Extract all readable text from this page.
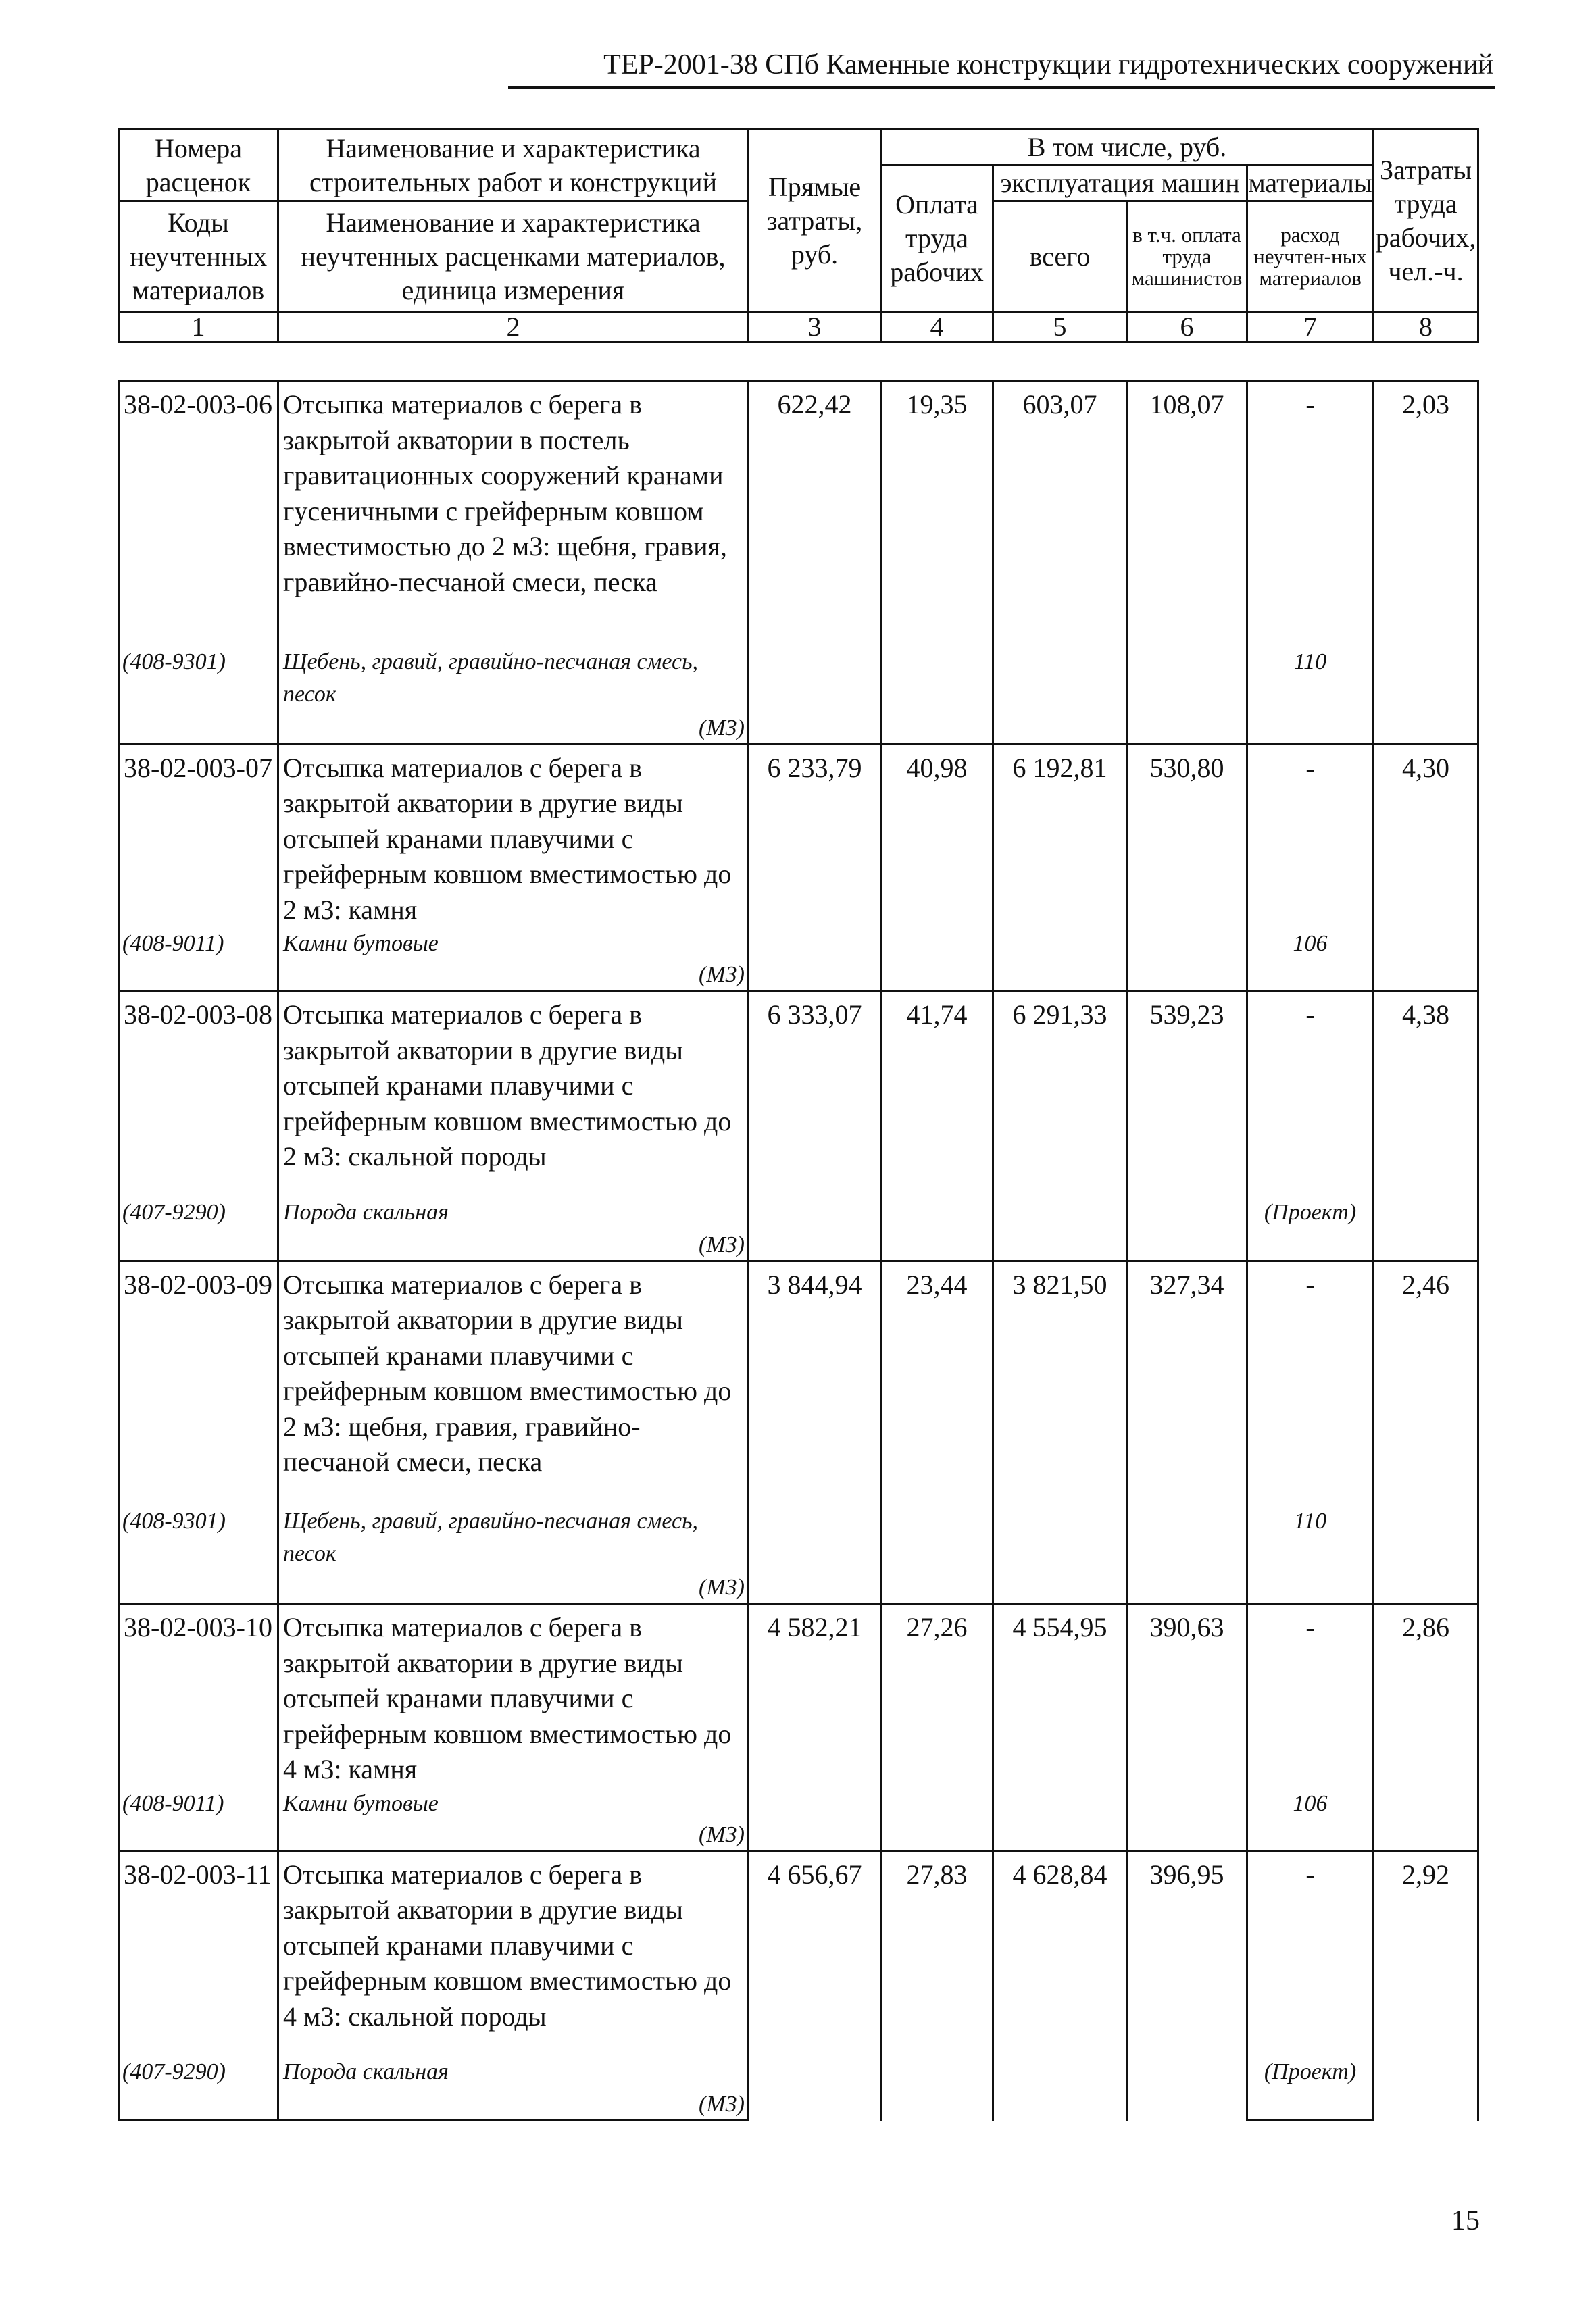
ТЕР-2001-38 СПб Каменные конструкции гидротехнических сооружений
Номера расценок	Наименование и характеристика строительных работ и конструкций	Прямые затраты, руб.	В том числе, руб.				Затраты труда рабочих, чел.-ч.
			Оплата труда рабочих	эксплуатация машин		материалы	
Коды неучтенных материалов	Наименование и характеристика неучтенных расценками материалов, единица измерения			всего	в т.ч. оплата труда машинистов	расход неучтен-ных материалов	

1	2	3	4	5	6	7	8
38-02-003-06	Отсыпка материалов с берега в закрытой акватории в постель гравитационных сооружений кранами гусеничными с грейферным ковшом вместимостью до 2 м3: щебня, гравия, гравийно-песчаной смеси, песка	622,42	19,35	603,07	108,07	-	2,03
(408-9301)	Щебень, гравий, гравийно-песчаная смесь, песок					110	
	(М3)						
38-02-003-07	Отсыпка материалов с берега в закрытой акватории в другие виды отсыпей кранами плавучими с грейферным ковшом вместимостью до 2 м3: камня	6 233,79	40,98	6 192,81	530,80	-	4,30
(408-9011)	Камни бутовые					106	
	(М3)						
38-02-003-08	Отсыпка материалов с берега в закрытой акватории в другие виды отсыпей кранами плавучими с грейферным ковшом вместимостью до 2 м3: скальной породы	6 333,07	41,74	6 291,33	539,23	-	4,38
(407-9290)	Порода скальная					(Проект)	
	(М3)						
38-02-003-09	Отсыпка материалов с берега в закрытой акватории в другие виды отсыпей кранами плавучими с грейферным ковшом вместимостью до 2 м3: щебня, гравия, гравийно-песчаной смеси, песка	3 844,94	23,44	3 821,50	327,34	-	2,46
(408-9301)	Щебень, гравий, гравийно-песчаная смесь, песок					110	
	(М3)						
38-02-003-10	Отсыпка материалов с берега в закрытой акватории в другие виды отсыпей кранами плавучими с грейферным ковшом вместимостью до 4 м3: камня	4 582,21	27,26	4 554,95	390,63	-	2,86
(408-9011)	Камни бутовые					106	
	(М3)						
38-02-003-11	Отсыпка материалов с берега в закрытой акватории в другие виды отсыпей кранами плавучими с грейферным ковшом вместимостью до 4 м3: скальной породы	4 656,67	27,83	4 628,84	396,95	-	2,92
(407-9290)	Порода скальная					(Проект)	
	(М3)						
15
